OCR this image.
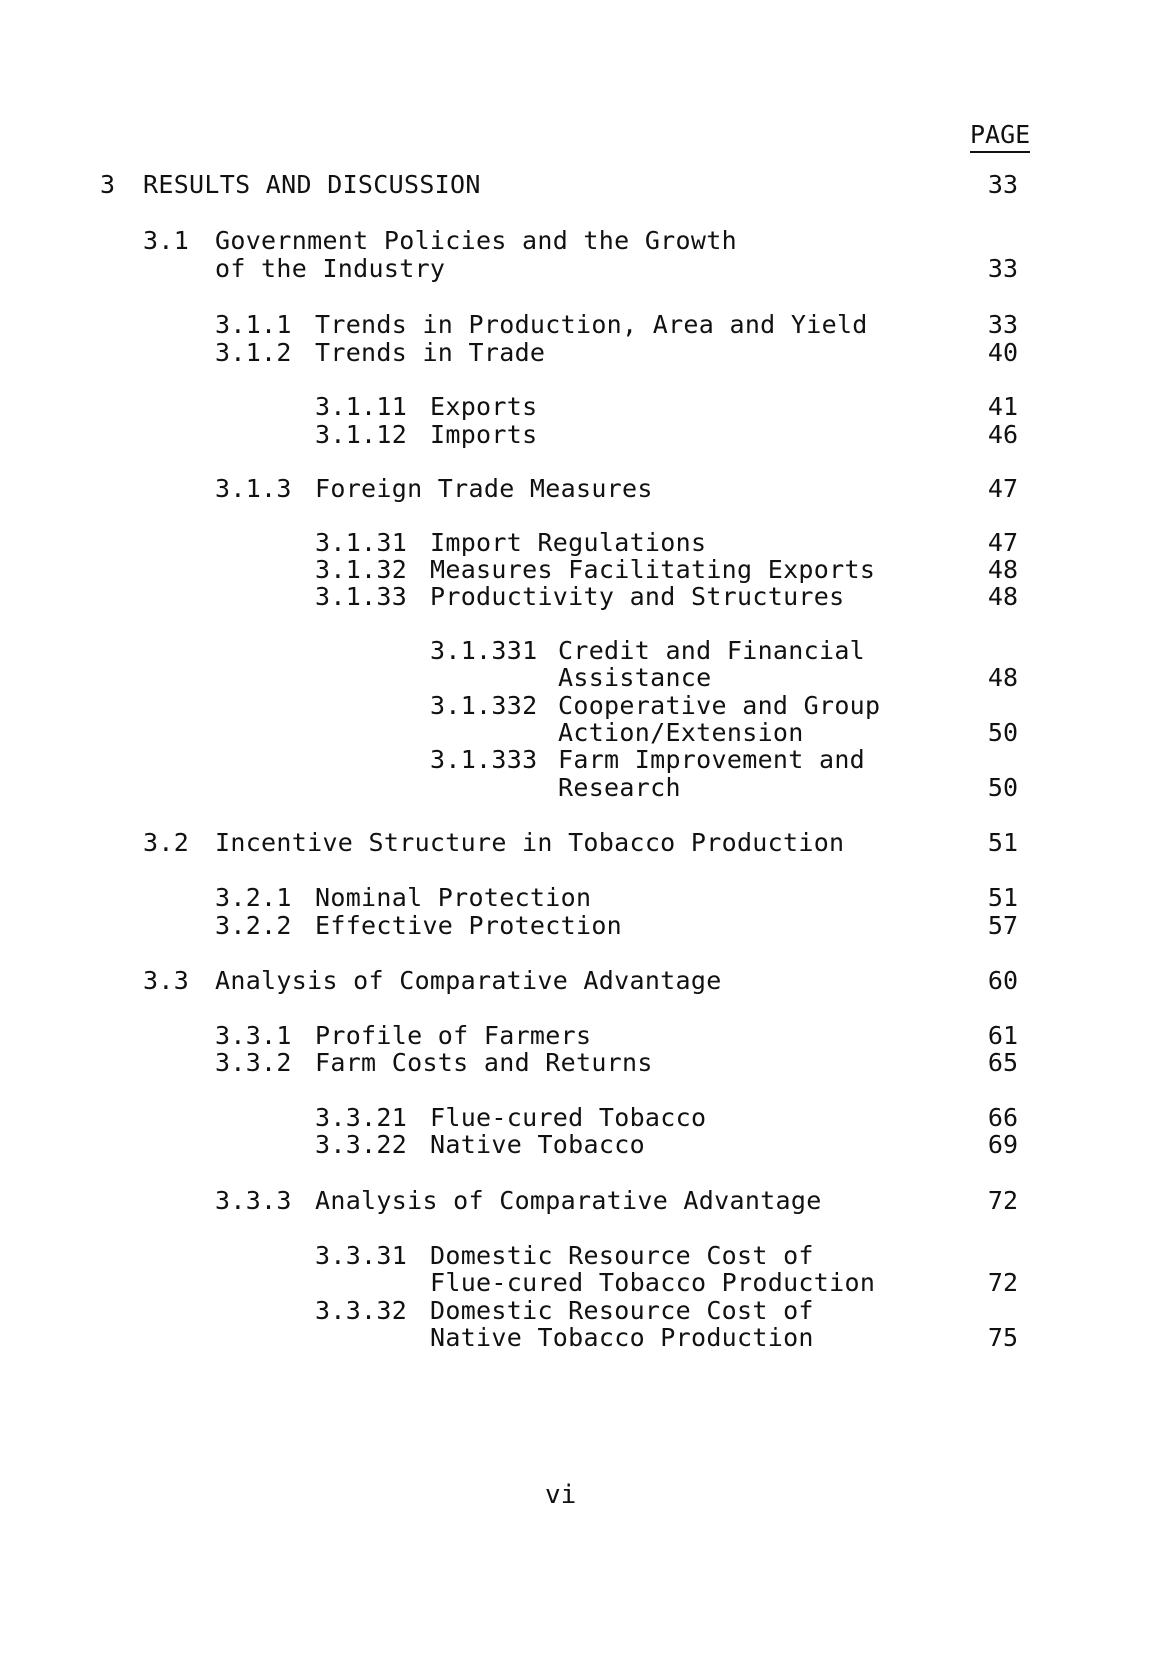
PAGE
3 RESULTS AND DISCUSSION	33
3.1 Government Policies and the Growth
of the Industry	33
3.1.1 Trends in Production, Area and Yield	33
3.1.2 Trends in Trade	40
3.1.11 Exports	41
3.1.12 Imports	46
3.1.3 Foreign Trade Measures	47
3.1.31 Import Regulations	47
3.1.32 Measures Facilitating Exports	48
3.1.33 Productivity and Structures	48
3.1.331 Credit and Financial
Assistance	48
3.1.332 Cooperative and Group
Action/Extension	50
3.1.333 Farm Improvement and
Research	50
3.2 Incentive Structure in Tobacco Production	51
3.2.1 Nominal Protection	51
3.2.2 Effective Protection	57
3.3 Analysis of Comparative Advantage	60
3.3.1 Profile of Farmers	61
3.3.2 Farm Costs and Returns	65
3.3.21 Flue-cured Tobacco	66
3.3.22 Native Tobacco	69
3.3.3 Analysis of Comparative Advantage	72
3.3.31 Domestic Resource Cost of
Flue-cured Tobacco Production	72
3.3.32 Domestic Resource Cost of
Native Tobacco Production	75
vi
